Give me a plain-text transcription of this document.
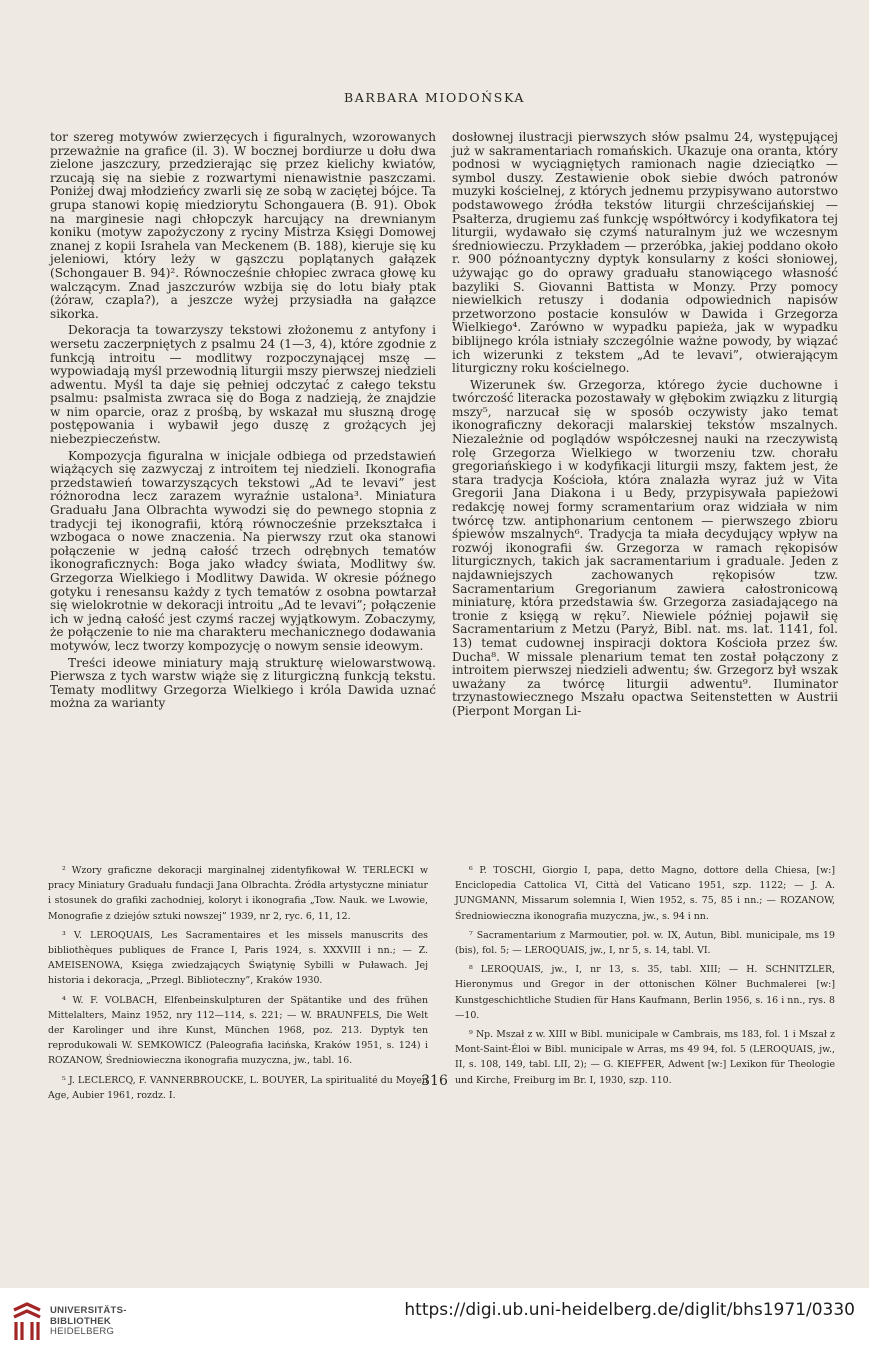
BARBARA MIODOŃSKA

tor szereg motywów zwierzęcych i figuralnych, wzorowanych przeważnie na grafice (il. 3). W bocznej bordiurze u dołu dwa zielone jaszczury, przedzierając się przez kielichy kwiatów, rzucają się na siebie z rozwartymi nienawistnie paszczami. Poniżej dwaj młodzieńcy zwarli się ze sobą w zaciętej bójce. Ta grupa stanowi kopię miedziorytu Schongauera (B. 91). Obok na marginesie nagi chłopczyk harcujący na drewnianym koniku (motyw zapożyczony z ryciny Mistrza Księgi Domowej znanej z kopii Israhela van Meckenem (B. 188), kieruje się ku jeleniowi, który leży w gąszczu poplątanych gałązek (Schongauer B. 94)². Równocześnie chłopiec zwraca głowę ku walczącym. Znad jaszczurów wzbija się do lotu biały ptak (żóraw, czapla?), a jeszcze wyżej przysiadła na gałązce sikorka.

Dekoracja ta towarzyszy tekstowi złożonemu z antyfony i wersetu zaczerpniętych z psalmu 24 (1—3, 4), które zgodnie z funkcją introitu — modlitwy rozpoczynającej mszę — wypowiadają myśl przewodnią liturgii mszy pierwszej niedzieli adwentu. Myśl ta daje się pełniej odczytać z całego tekstu psalmu: psalmista zwraca się do Boga z nadzieją, że znajdzie w nim oparcie, oraz z prośbą, by wskazał mu słuszną drogę postępowania i wybawił jego duszę z grożących jej niebezpieczeństw.

Kompozycja figuralna w inicjale odbiega od przedstawień wiążących się zazwyczaj z introitem tej niedzieli. Ikonografia przedstawień towarzyszących tekstowi „Ad te levavi” jest różnorodna lecz zarazem wyraźnie ustalona³. Miniatura Graduału Jana Olbrachta wywodzi się do pewnego stopnia z tradycji tej ikonografii, którą równocześnie przekształca i wzbogaca o nowe znaczenia. Na pierwszy rzut oka stanowi połączenie w jedną całość trzech odrębnych tematów ikonograficznych: Boga jako władcy świata, Modlitwy św. Grzegorza Wielkiego i Modlitwy Dawida. W okresie późnego gotyku i renesansu każdy z tych tematów z osobna powtarzał się wielokrotnie w dekoracji introitu „Ad te levavi”; połączenie ich w jedną całość jest czymś raczej wyjątkowym. Zobaczymy, że połączenie to nie ma charakteru mechanicznego dodawania motywów, lecz tworzy kompozycję o nowym sensie ideowym.

Treści ideowe miniatury mają strukturę wielowarstwową. Pierwsza z tych warstw wiąże się z liturgiczną funkcją tekstu. Tematy modlitwy Grzegorza Wielkiego i króla Dawida uznać można za warianty

dosłownej ilustracji pierwszych słów psalmu 24, występującej już w sakramentariach romańskich. Ukazuje ona oranta, który podnosi w wyciągniętych ramionach nagie dzieciątko — symbol duszy. Zestawienie obok siebie dwóch patronów muzyki kościelnej, z których jednemu przypisywano autorstwo podstawowego źródła tekstów liturgii chrześcijańskiej — Psałterza, drugiemu zaś funkcję współtwórcy i kodyfikatora tej liturgii, wydawało się czymś naturalnym już we wczesnym średniowieczu. Przykładem — przeróbka, jakiej poddano około r. 900 późnoantyczny dyptyk konsularny z kości słoniowej, używając go do oprawy graduału stanowiącego własność bazyliki S. Giovanni Battista w Monzy. Przy pomocy niewielkich retuszy i dodania odpowiednich napisów przetworzono postacie konsulów w Dawida i Grzegorza Wielkiego⁴. Zarówno w wypadku papieża, jak w wypadku biblijnego króla istniały szczególnie ważne powody, by wiązać ich wizerunki z tekstem „Ad te levavi”, otwierającym liturgiczny roku kościelnego.

Wizerunek św. Grzegorza, którego życie duchowne i twórczość literacka pozostawały w głębokim związku z liturgią mszy⁵, narzucał się w sposób oczywisty jako temat ikonograficzny dekoracji malarskiej tekstów mszalnych. Niezależnie od poglądów współczesnej nauki na rzeczywistą rolę Grzegorza Wielkiego w tworzeniu tzw. chorału gregoriańskiego i w kodyfikacji liturgii mszy, faktem jest, że stara tradycja Kościoła, która znalazła wyraz już w Vita Gregorii Jana Diakona i u Bedy, przypisywała papieżowi redakcję nowej formy scramentarium oraz widziała w nim twórcę tzw. antiphonarium centonem — pierwszego zbioru śpiewów mszalnych⁶. Tradycja ta miała decydujący wpływ na rozwój ikonografii św. Grzegorza w ramach rękopisów liturgicznych, takich jak sacramentarium i graduale. Jeden z najdawniejszych zachowanych rękopisów tzw. Sacramentarium Gregorianum zawiera całostronicową miniaturę, która przedstawia św. Grzegorza zasiadającego na tronie z księgą w ręku⁷. Niewiele później pojawił się Sacramentarium z Metzu (Paryż, Bibl. nat. ms. lat. 1141, fol. 13) temat cudownej inspiracji doktora Kościoła przez św. Ducha⁸. W missale plenarium temat ten został połączony z introitem pierwszej niedzieli adwentu; św. Grzegorz był wszak uważany za twórcę liturgii adwentu⁹. Iluminator trzynastowiecznego Mszału opactwa Seitenstetten w Austrii (Pierpont Morgan Li-

² Wzory graficzne dekoracji marginalnej zidentyfikował W. TERLECKI w pracy Miniatury Graduału fundacji Jana Olbrachta. Źródła artystyczne miniatur i stosunek do grafiki zachodniej, koloryt i ikonografia „Tow. Nauk. we Lwowie, Monografie z dziejów sztuki nowszej” 1939, nr 2, ryc. 6, 11, 12.

³ V. LEROQUAIS, Les Sacramentaires et les missels manuscrits des bibliothèques publiques de France I, Paris 1924, s. XXXVIII i nn.; — Z. AMEISENOWA, Księga zwiedzających Świątynię Sybilli w Puławach. Jej historia i dekoracja, „Przegl. Biblioteczny”, Kraków 1930.

⁴ W. F. VOLBACH, Elfenbeinskulpturen der Spätantike und des frühen Mittelalters, Mainz 1952, nry 112—114, s. 221; — W. BRAUNFELS, Die Welt der Karolinger und ihre Kunst, München 1968, poz. 213. Dyptyk ten reprodukowali W. SEMKOWICZ (Paleografia łacińska, Kraków 1951, s. 124) i ROZANOW, Średniowieczna ikonografia muzyczna, jw., tabl. 16.

⁵ J. LECLERCQ, F. VANNERBROUCKE, L. BOUYER, La spiritualité du Moyen Age, Aubier 1961, rozdz. I.

⁶ P. TOSCHI, Giorgio I, papa, detto Magno, dottore della Chiesa, [w:] Enciclopedia Cattolica VI, Città del Vaticano 1951, szp. 1122; — J. A. JUNGMANN, Missarum solemnia I, Wien 1952, s. 75, 85 i nn.; — ROZANOW, Średniowieczna ikonografia muzyczna, jw., s. 94 i nn.

⁷ Sacramentarium z Marmoutier, poł. w. IX, Autun, Bibl. municipale, ms 19 (bis), fol. 5; — LEROQUAIS, jw., I, nr 5, s. 14, tabl. VI.

⁸ LEROQUAIS, jw., I, nr 13, s. 35, tabl. XIII; — H. SCHNITZLER, Hieronymus und Gregor in der ottonischen Kölner Buchmalerei [w:] Kunstgeschichtliche Studien für Hans Kaufmann, Berlin 1956, s. 16 i nn., rys. 8—10.

⁹ Np. Mszał z w. XIII w Bibl. municipale w Cambrais, ms 183, fol. 1 i Mszał z Mont-Saint-Éloi w Bibl. municipale w Arras, ms 49 94, fol. 5 (LEROQUAIS, jw., II, s. 108, 149, tabl. LII, 2); — G. KIEFFER, Adwent [w:] Lexikon für Theologie und Kirche, Freiburg im Br. I, 1930, szp. 110.

316
UNIVERSITÄTS-
BIBLIOTHEK
HEIDELBERG
https://digi.ub.uni-heidelberg.de/diglit/bhs1971/0330
